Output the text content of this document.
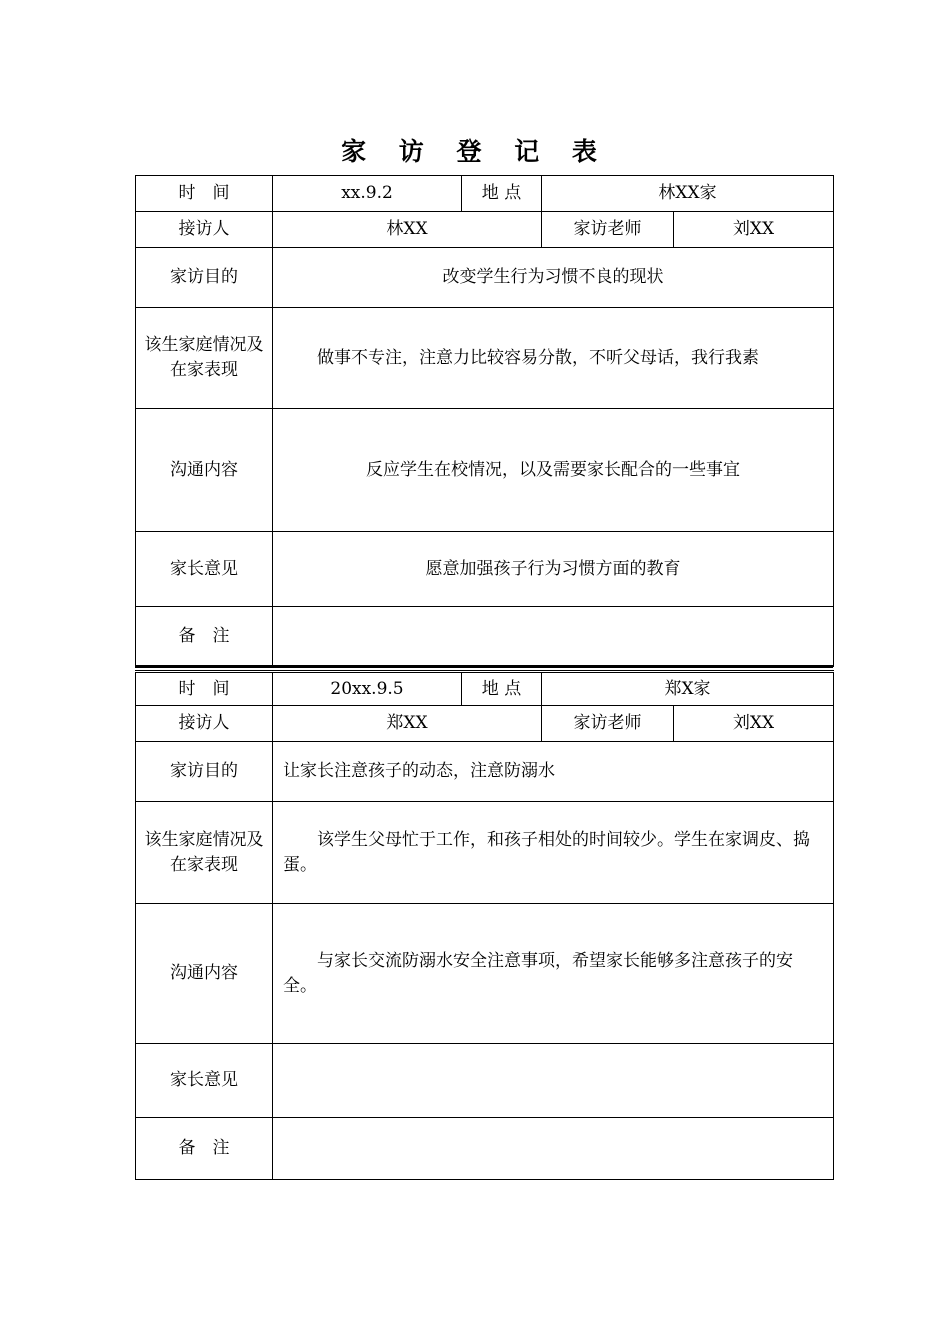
家 访 登 记 表
时　间	xx.9.2	地 点	林XX家	
接访人	林XX		家访老师	刘XX
家访目的	改变学生行为习惯不良的现状			
该生家庭情况及在家表现	做事不专注，注意力比较容易分散，不听父母话，我行我素			
沟通内容	反应学生在校情况，以及需要家长配合的一些事宜			
家长意见	愿意加强孩子行为习惯方面的教育			
备　注				
时　间	20xx.9.5	地 点	郑X家	
接访人	郑XX		家访老师	刘XX
家访目的	让家长注意孩子的动态，注意防溺水			
该生家庭情况及在家表现	该学生父母忙于工作，和孩子相处的时间较少。学生在家调皮、捣蛋。			
沟通内容	与家长交流防溺水安全注意事项，希望家长能够多注意孩子的安全。			
家长意见				
备　注				
